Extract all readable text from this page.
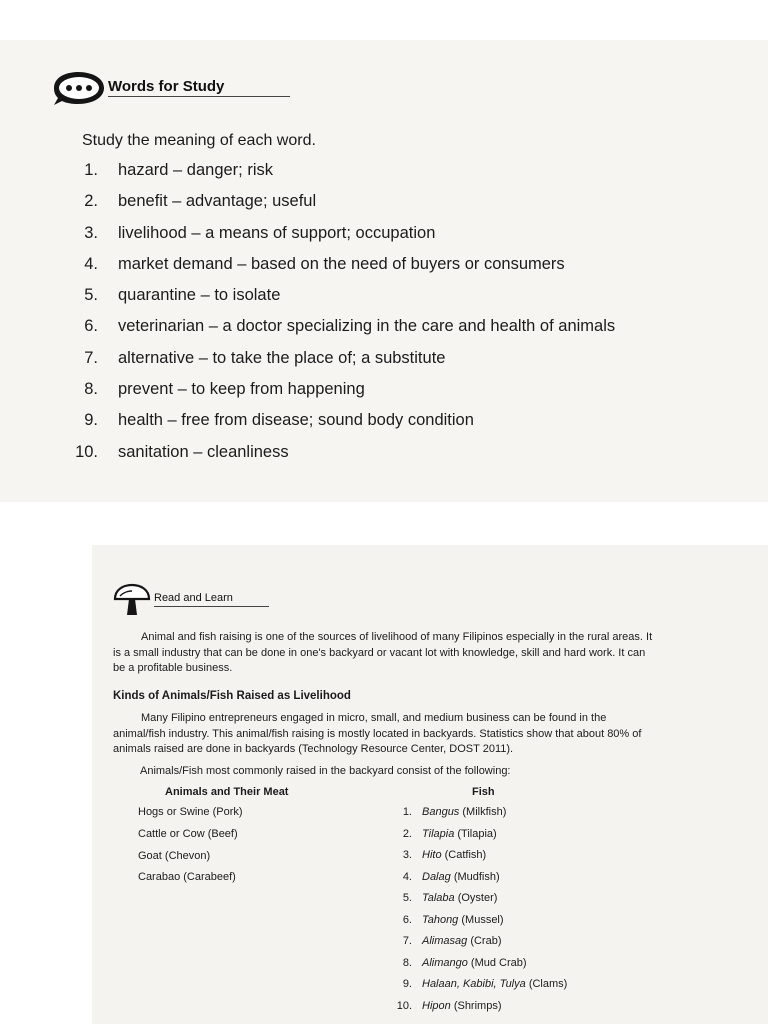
Words for Study
Study the meaning of each word.
1. hazard – danger; risk
2. benefit – advantage; useful
3. livelihood – a means of support; occupation
4. market demand – based on the need of buyers or consumers
5. quarantine – to isolate
6. veterinarian – a doctor specializing in the care and health of animals
7. alternative – to take the place of; a substitute
8. prevent – to keep from happening
9. health – free from disease; sound body condition
10. sanitation – cleanliness
Read and Learn
Animal and fish raising is one of the sources of livelihood of many Filipinos especially in the rural areas. It is a small industry that can be done in one's backyard or vacant lot with knowledge, skill and hard work. It can be a profitable business.
Kinds of Animals/Fish Raised as Livelihood
Many Filipino entrepreneurs engaged in micro, small, and medium business can be found in the animal/fish industry. This animal/fish raising is mostly located in backyards. Statistics show that about 80% of animals raised are done in backyards (Technology Resource Center, DOST 2011).
Animals/Fish most commonly raised in the backyard consist of the following:
Animals and Their Meat	Fish
Hogs or Swine (Pork)
Cattle or Cow (Beef)
Goat (Chevon)
Carabao (Carabeef)
1. Bangus (Milkfish)
2. Tilapia (Tilapia)
3. Hito (Catfish)
4. Dalag (Mudfish)
5. Talaba (Oyster)
6. Tahong (Mussel)
7. Alimasag (Crab)
8. Alimango (Mud Crab)
9. Halaan, Kabibi, Tulya (Clams)
10. Hipon (Shrimps)
